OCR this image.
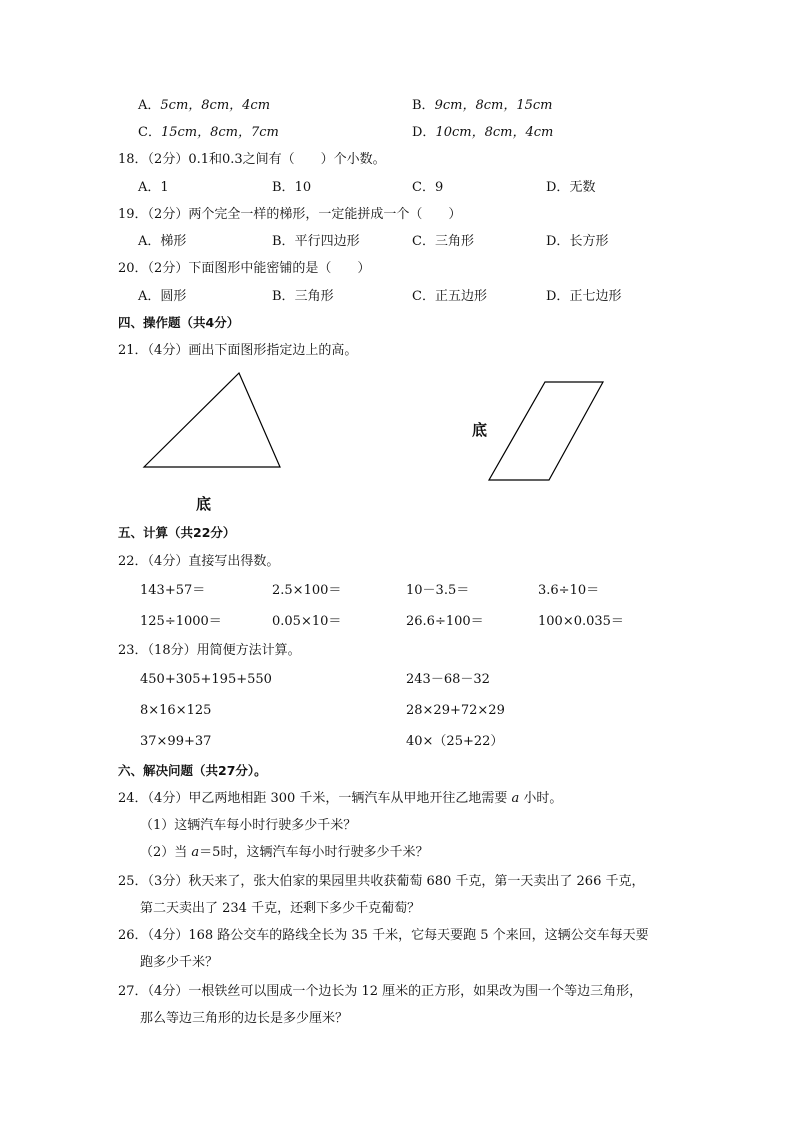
A．5cm，8cm，4cm	B．9cm，8cm，15cm
C．15cm，8cm，7cm	D．10cm，8cm，4cm
18．（2分）0.1和0.3之间有（　　）个小数。
A．1	B．10	C．9	D．无数
19．（2分）两个完全一样的梯形，一定能拼成一个（　　）
A．梯形	B．平行四边形	C．三角形	D．长方形
20．（2分）下面图形中能密铺的是（　　）
A．圆形	B．三角形	C．正五边形	D．正七边形
四、操作题（共4分）
21．（4分）画出下面图形指定边上的高。
底
底
五、计算（共22分）
22．（4分）直接写出得数。
143+57＝	2.5×100＝	10－3.5＝	3.6÷10＝
125÷1000＝	0.05×10＝	26.6÷100＝	100×0.035＝
23．（18分）用简便方法计算。
450+305+195+550	243－68－32
8×16×125	28×29+72×29
37×99+37	40×（25+22）
六、解决问题（共27分）。
24．（4分）甲乙两地相距 300 千米，一辆汽车从甲地开往乙地需要 a 小时。
（1）这辆汽车每小时行驶多少千米？
（2）当 a＝5时，这辆汽车每小时行驶多少千米？
25．（3分）秋天来了，张大伯家的果园里共收获葡萄 680 千克，第一天卖出了 266 千克，
第二天卖出了 234 千克，还剩下多少千克葡萄？
26．（4分）168 路公交车的路线全长为 35 千米，它每天要跑 5 个来回，这辆公交车每天要
跑多少千米？
27．（4分）一根铁丝可以围成一个边长为 12 厘米的正方形，如果改为围一个等边三角形，
那么等边三角形的边长是多少厘米？
